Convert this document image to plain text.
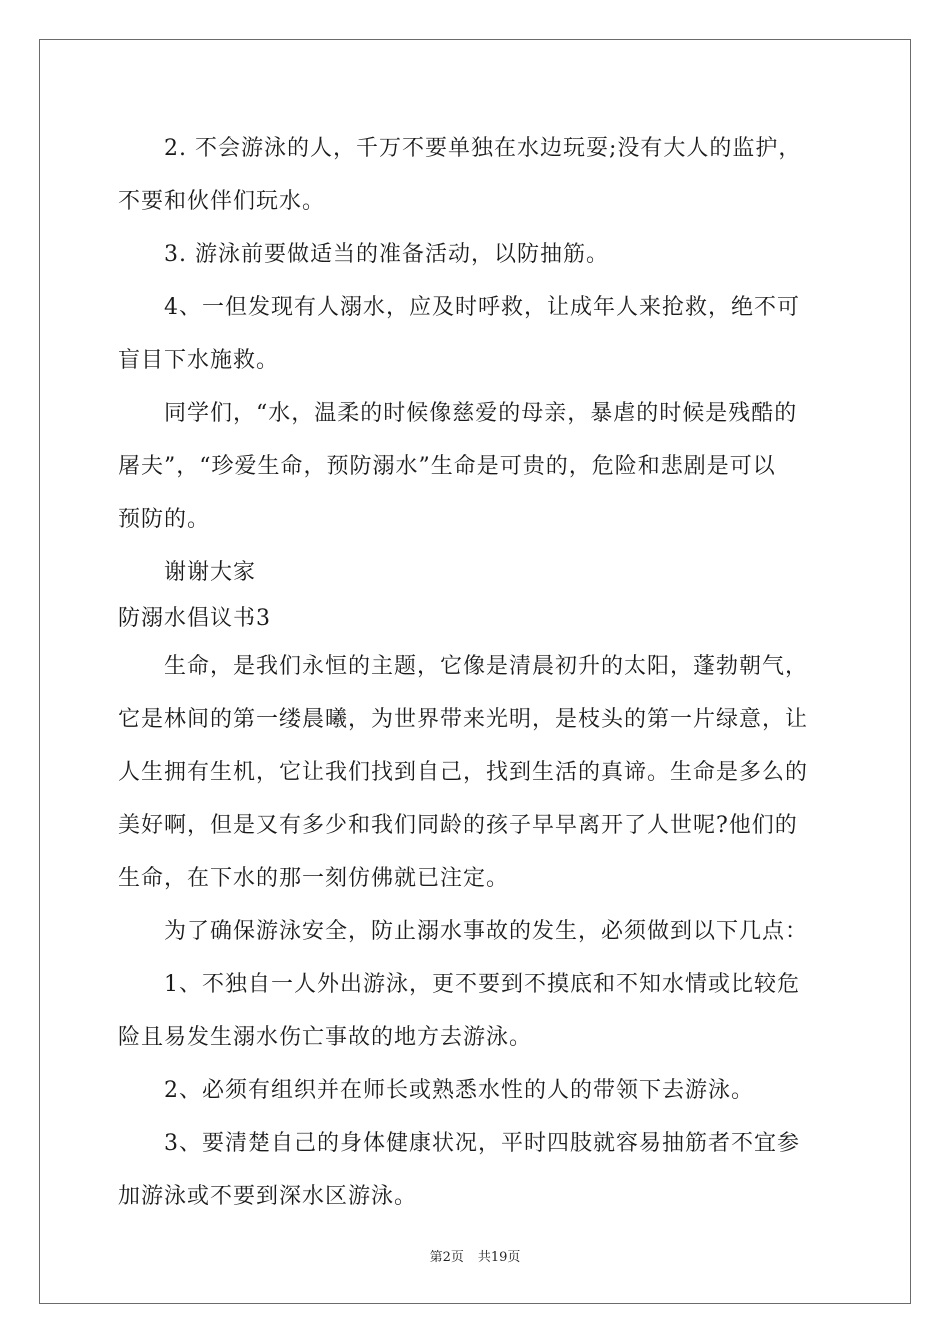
2. 不会游泳的人，千万不要单独在水边玩耍;没有大人的监护，

不要和伙伴们玩水。

3. 游泳前要做适当的准备活动，以防抽筋。

4、一但发现有人溺水，应及时呼救，让成年人来抢救，绝不可

盲目下水施救。

同学们，“水，温柔的时候像慈爱的母亲，暴虐的时候是残酷的

屠夫”，“珍爱生命，预防溺水”生命是可贵的，危险和悲剧是可以

预防的。

谢谢大家

防溺水倡议书3

生命，是我们永恒的主题，它像是清晨初升的太阳，蓬勃朝气，

它是林间的第一缕晨曦，为世界带来光明，是枝头的第一片绿意，让

人生拥有生机，它让我们找到自己，找到生活的真谛。生命是多么的

美好啊，但是又有多少和我们同龄的孩子早早离开了人世呢?他们的

生命，在下水的那一刻仿佛就已注定。

为了确保游泳安全，防止溺水事故的发生，必须做到以下几点：

1、不独自一人外出游泳，更不要到不摸底和不知水情或比较危

险且易发生溺水伤亡事故的地方去游泳。

2、必须有组织并在师长或熟悉水性的人的带领下去游泳。

3、要清楚自己的身体健康状况，平时四肢就容易抽筋者不宜参

加游泳或不要到深水区游泳。

第2页 共19页
